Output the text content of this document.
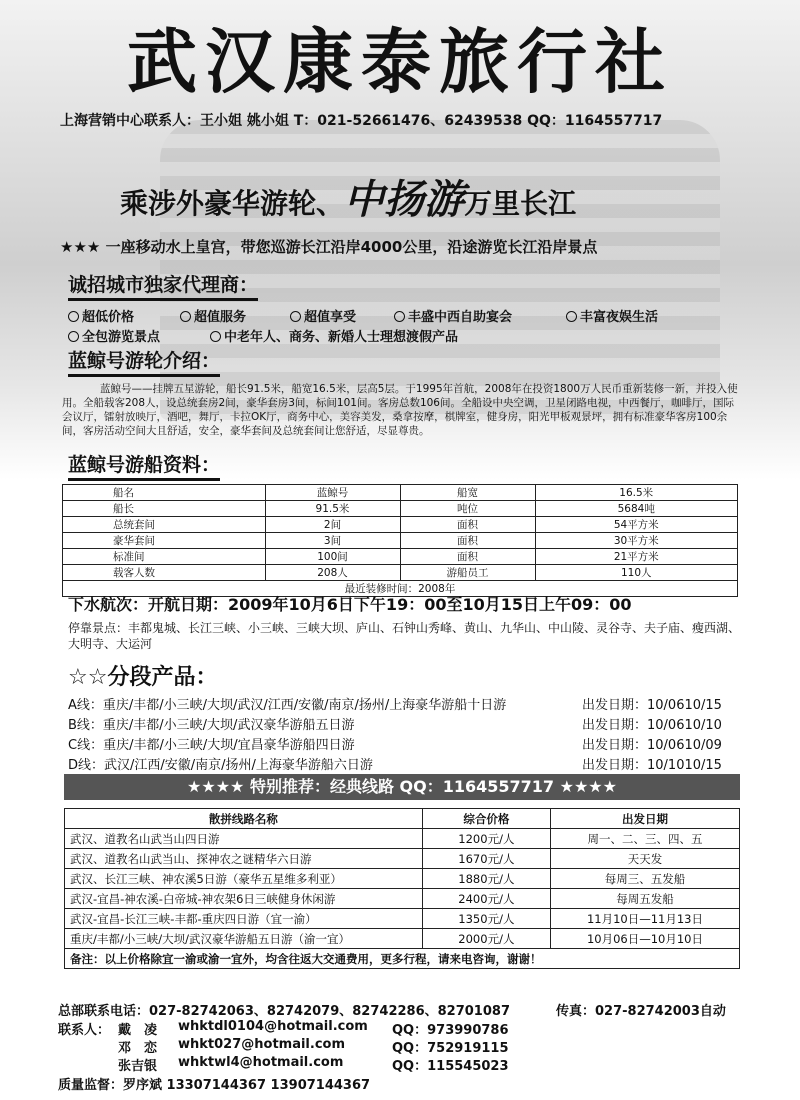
武汉康泰旅行社
上海营销中心联系人：王小姐 姚小姐 T：021-52661476、62439538 QQ：1164557717
乘涉外豪华游轮、中扬游万里长江
★★★ 一座移动水上皇宫，带您巡游长江沿岸4000公里，沿途游览长江沿岸景点
诚招城市独家代理商：
超低价格	超值服务	超值享受	丰盛中西自助宴会	丰富夜娱生活
全包游览景点	中老年人、商务、新婚人士理想渡假产品
蓝鲸号游轮介绍：
蓝鲸号——挂牌五星游轮，船长91.5米，船宽16.5米，层高5层。于1995年首航，2008年在投资1800万人民币重新装修一新，并投入使用。全船载客208人，设总统套房2间，豪华套房3间，标间101间。客房总数106间。全船设中央空调，卫星闭路电视，中西餐厅，咖啡厅，国际会议厅，镭射放映厅，酒吧，舞厅，卡拉OK厅，商务中心，美容美发，桑拿按摩，棋牌室，健身房，阳光甲板观景坪，拥有标准豪华客房100余间，客房活动空间大且舒适，安全，豪华套间及总统套间让您舒适，尽显尊贵。
蓝鲸号游船资料：
船名	蓝鲸号	船宽	16.5米
船长	91.5米	吨位	5684吨
总统套间	2间	面积	54平方米
豪华套间	3间	面积	30平方米
标准间	100间	面积	21平方米
载客人数	208人	游船员工	110人
最近装修时间：2008年			
下水航次：开航日期：2009年10月6日下午19：00至10月15日上午09：00
停靠景点：丰都鬼城、长江三峡、小三峡、三峡大坝、庐山、石钟山秀峰、黄山、九华山、中山陵、灵谷寺、夫子庙、瘦西湖、大明寺、大运河
☆☆分段产品：
A线：重庆/丰都/小三峡/大坝/武汉/江西/安徽/南京/扬州/上海豪华游船十日游	出发日期：10/0610/15
B线：重庆/丰都/小三峡/大坝/武汉豪华游船五日游	出发日期：10/0610/10
C线：重庆/丰都/小三峡/大坝/宜昌豪华游船四日游	出发日期：10/0610/09
D线：武汉/江西/安徽/南京/扬州/上海豪华游船六日游	出发日期：10/1010/15
★★★★ 特别推荐：经典线路 QQ：1164557717 ★★★★
散拼线路名称	综合价格	出发日期
武汉、道教名山武当山四日游	1200元/人	周一、二、三、四、五
武汉、道教名山武当山、探神农之谜精华六日游	1670元/人	天天发
武汉、长江三峡、神农溪5日游（豪华五星维多利亚）	1880元/人	每周三、五发船
武汉-宜昌-神农溪-白帝城-神农架6日三峡健身休闲游	2400元/人	每周五发船
武汉-宜昌-长江三峡-丰都-重庆四日游（宜一渝）	1350元/人	11月10日—11月13日
重庆/丰都/小三峡/大坝/武汉豪华游船五日游（渝一宜）	2000元/人	10月06日—10月10日
备注：以上价格除宜一渝或渝一宜外，均含往返大交通费用，更多行程，请来电咨询，谢谢！		
总部联系电话：027-82742063、82742079、82742286、82701087	传真：027-82742003自动
联系人： 戴　凌 whktdl0104@hotmail.com QQ：973990786
邓　恋 whkt027@hotmail.com	QQ：752919115
张吉银 whktwl4@hotmail.com	QQ：115545023
质量监督：罗序斌 13307144367 13907144367
